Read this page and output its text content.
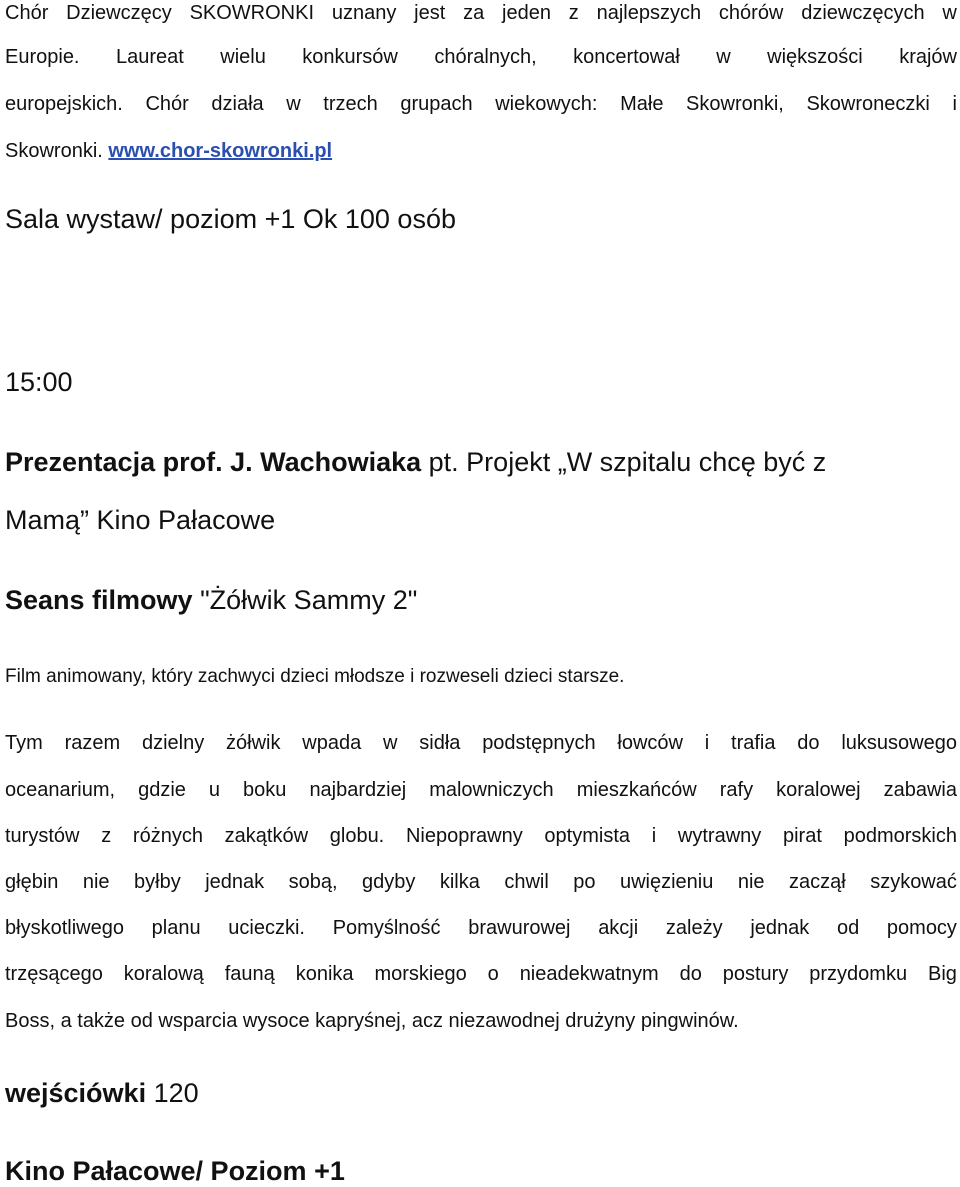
Chór Dziewczęcy SKOWRONKI uznany jest za jeden z najlepszych chórów dziewczęcych w
Europie. Laureat wielu konkursów chóralnych, koncertował w większości krajów
europejskich. Chór działa w trzech grupach wiekowych: Małe Skowronki, Skowroneczki i
Skowronki. www.chor-skowronki.pl
Sala wystaw/ poziom +1 Ok 100 osób
15:00
Prezentacja prof. J. Wachowiaka pt. Projekt „W szpitalu chcę być z
Mamą” Kino Pałacowe
Seans filmowy "Żółwik Sammy 2"
Film animowany, który zachwyci dzieci młodsze i rozweseli dzieci starsze.
Tym razem dzielny żółwik wpada w sidła podstępnych łowców i trafia do luksusowego
oceanarium, gdzie u boku najbardziej malowniczych mieszkańców rafy koralowej zabawia
turystów z różnych zakątków globu. Niepoprawny optymista i wytrawny pirat podmorskich
głębin nie byłby jednak sobą, gdyby kilka chwil po uwięzieniu nie zaczął szykować
błyskotliwego planu ucieczki. Pomyślność brawurowej akcji zależy jednak od pomocy
trzęsącego koralową fauną konika morskiego o nieadekwatnym do postury przydomku Big
Boss, a także od wsparcia wysoce kapryśnej, acz niezawodnej drużyny pingwinów.
wejściówki 120
Kino Pałacowe/ Poziom +1
